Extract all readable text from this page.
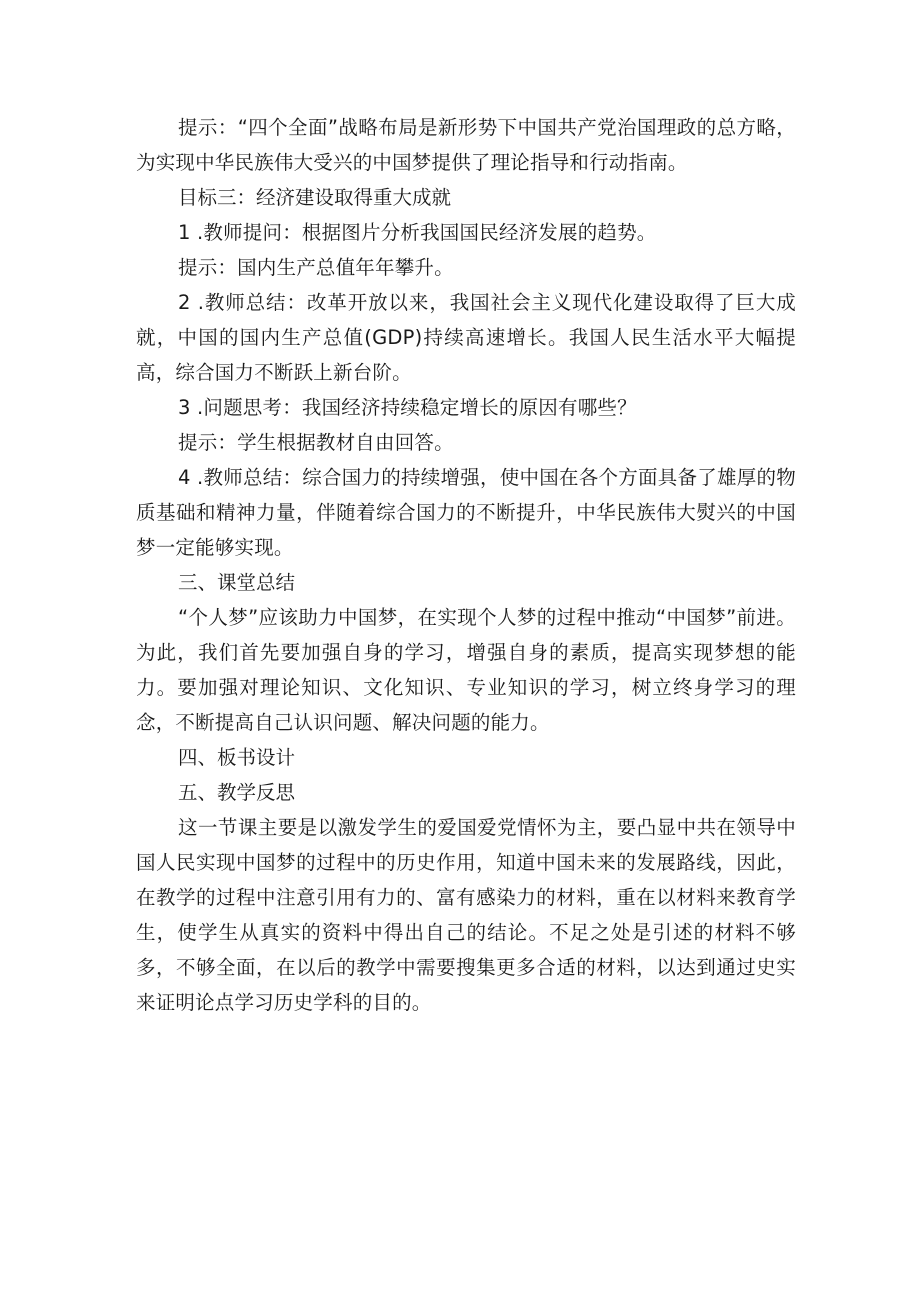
提示：“四个全面”战略布局是新形势下中国共产党治国理政的总方略，为实现中华民族伟大受兴的中国梦提供了理论指导和行动指南。

目标三：经济建设取得重大成就

1 .教师提问：根据图片分析我国国民经济发展的趋势。

提示：国内生产总值年年攀升。

2 .教师总结：改革开放以来，我国社会主义现代化建设取得了巨大成就，中国的国内生产总值(GDP)持续高速增长。我国人民生活水平大幅提高，综合国力不断跃上新台阶。

3 .问题思考：我国经济持续稳定增长的原因有哪些？

提示：学生根据教材自由回答。

4 .教师总结：综合国力的持续增强，使中国在各个方面具备了雄厚的物质基础和精神力量，伴随着综合国力的不断提升，中华民族伟大熨兴的中国梦一定能够实现。

三、课堂总结

“个人梦”应该助力中国梦，在实现个人梦的过程中推动“中国梦”前进。为此，我们首先要加强自身的学习，增强自身的素质，提高实现梦想的能力。要加强对理论知识、文化知识、专业知识的学习，树立终身学习的理念，不断提高自己认识问题、解决问题的能力。

四、板书设计

五、教学反思

这一节课主要是以激发学生的爱国爱党情怀为主，要凸显中共在领导中国人民实现中国梦的过程中的历史作用，知道中国未来的发展路线，因此，在教学的过程中注意引用有力的、富有感染力的材料，重在以材料来教育学生，使学生从真实的资料中得出自己的结论。不足之处是引述的材料不够多，不够全面，在以后的教学中需要搜集更多合适的材料，以达到通过史实来证明论点学习历史学科的目的。
